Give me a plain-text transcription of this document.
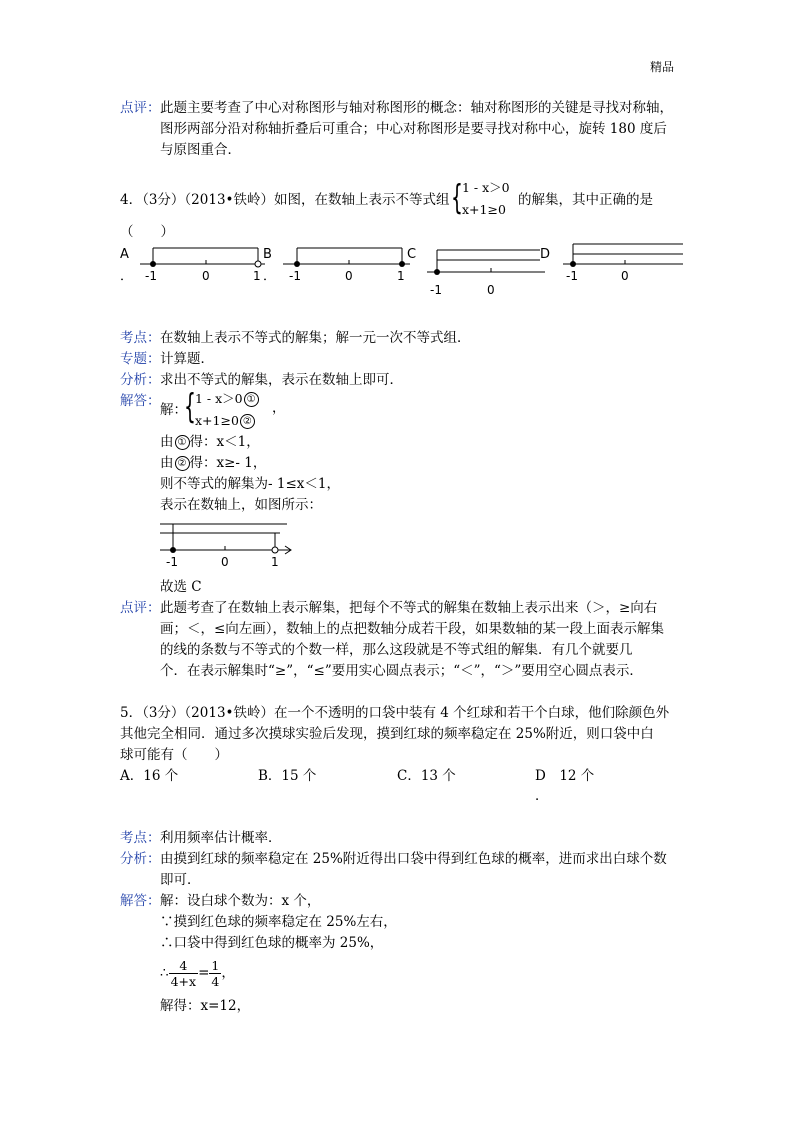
精品
点评： 此题主要考查了中心对称图形与轴对称图形的概念：轴对称图形的关键是寻找对称轴，
图形两部分沿对称轴折叠后可重合；中心对称图形是要寻找对称中心，旋转 180 度后
与原图重合．
4．（3分）（2013•铁岭）如图，在数轴上表示不等式组 { 1 - x＞0
x+1≥0
的解集，其中正确的是
（　　）
A
． -1	0	1
B
． -1	0	1
C
-1	0
D
-1	0
考点： 在数轴上表示不等式的解集；解一元一次不等式组．
专题： 计算题．
分析： 求出不等式的解集，表示在数轴上即可．
解答：
解：
{ 1 - x＞0 ①
x+1≥0 ②
，
由 ① 得：x＜1，
由 ② 得：x≥- 1，
则不等式的解集为- 1≤x＜1，
表示在数轴上，如图所示：
-1	0	1
故选 C
点评： 此题考查了在数轴上表示解集，把每个不等式的解集在数轴上表示出来（＞，≥向右
画；＜，≤向左画），数轴上的点把数轴分成若干段，如果数轴的某一段上面表示解集
的线的条数与不等式的个数一样，那么这段就是不等式组的解集．有几个就要几
个．在表示解集时“≥”，“≤”要用实心圆点表示；“＜”，“＞”要用空心圆点表示．
5．（3分）（2013•铁岭）在一个不透明的口袋中装有 4 个红球和若干个白球，他们除颜色外
其他完全相同．通过多次摸球实验后发现，摸到红球的频率稳定在 25%附近，则口袋中白
球可能有（　　）
A．16 个	B．15 个	C．13 个	D　12 个
．
考点： 利用频率估计概率．
分析： 由摸到红球的频率稳定在 25%附近得出口袋中得到红色球的概率，进而求出白球个数
即可．
解答： 解：设白球个数为：x 个，
∵摸到红色球的频率稳定在 25%左右，
∴口袋中得到红色球的概率为 25%，
∴ $\frac{4}{4+x} = \frac{1}{4}$ ，
解得：x=12，
